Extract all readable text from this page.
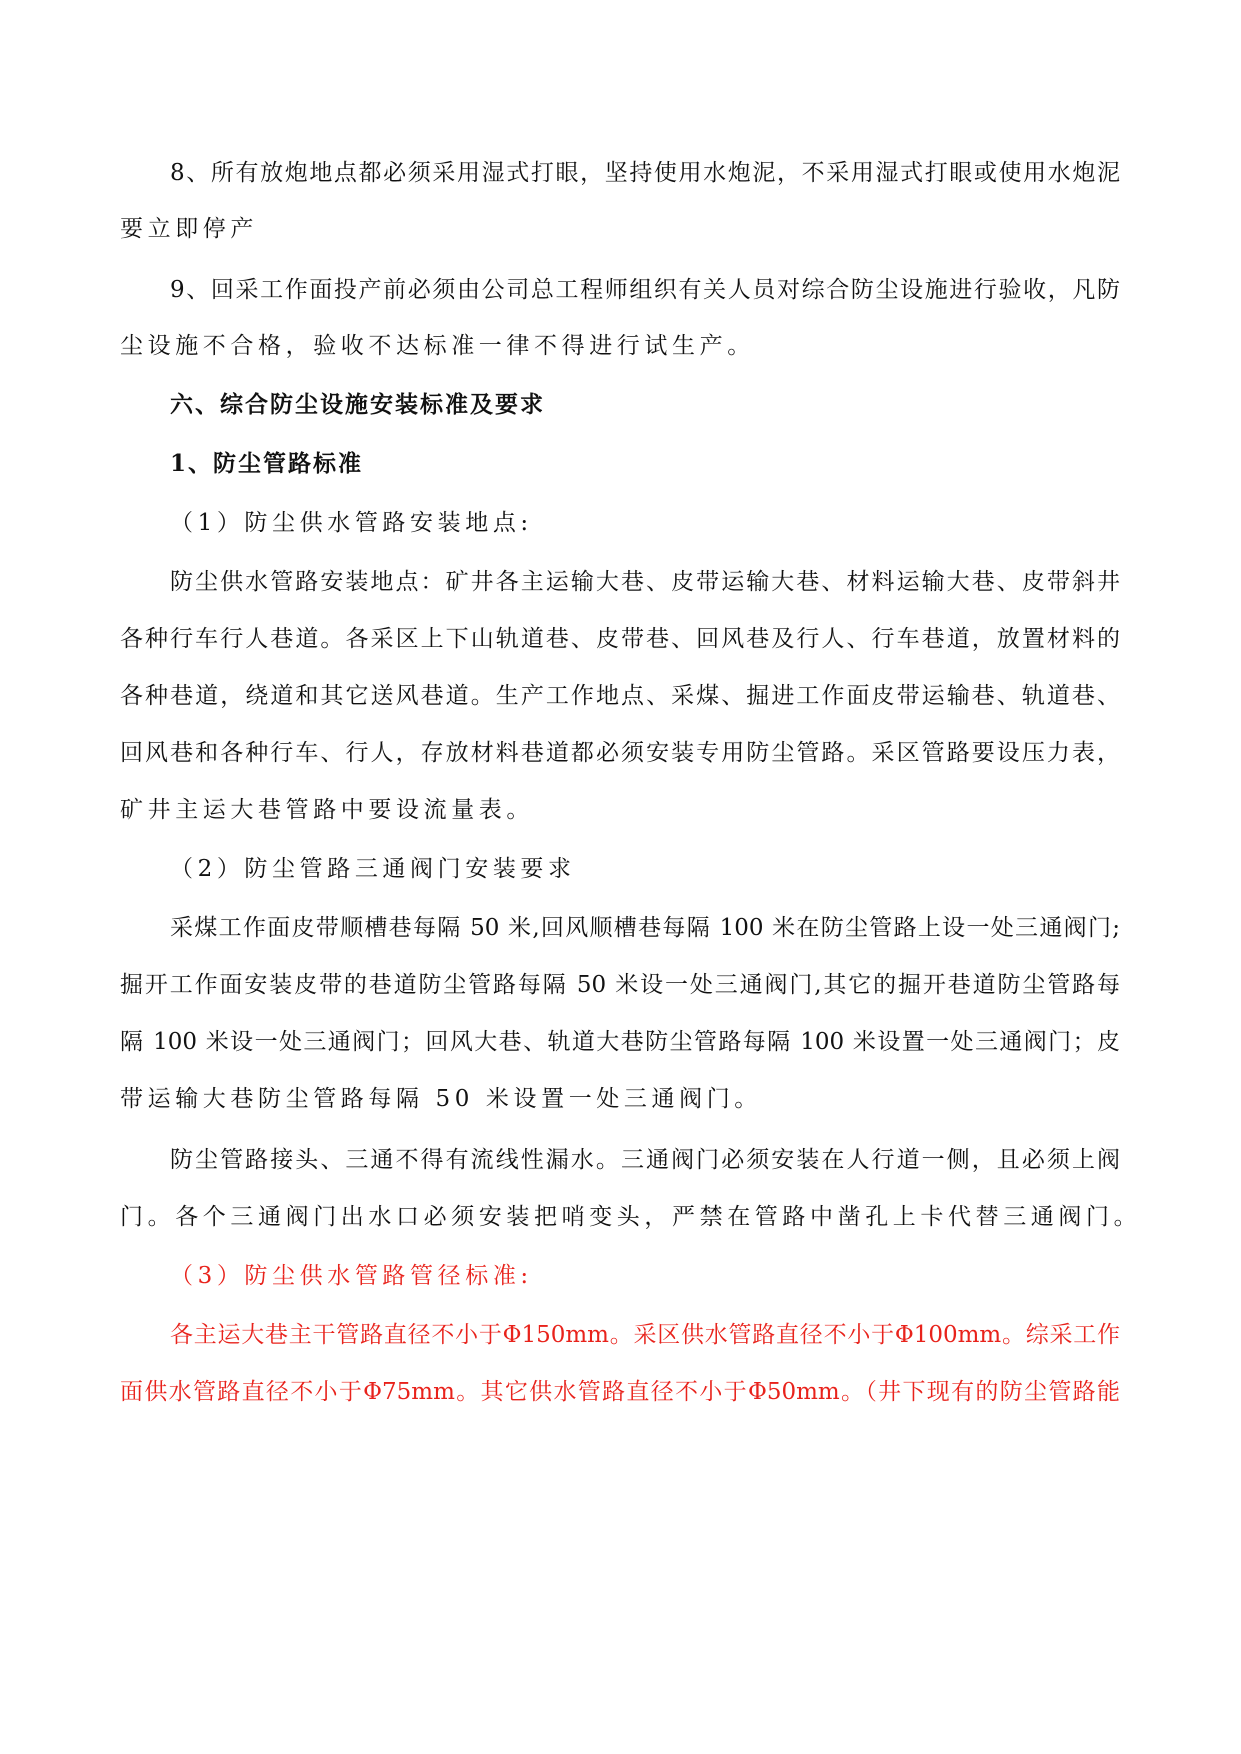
8、所有放炮地点都必须采用湿式打眼，坚持使用水炮泥，不采用湿式打眼或使用水炮泥
要立即停产
9、回采工作面投产前必须由公司总工程师组织有关人员对综合防尘设施进行验收，凡防
尘设施不合格，验收不达标准一律不得进行试生产。
六、综合防尘设施安装标准及要求
1、防尘管路标准
（1）防尘供水管路安装地点:
防尘供水管路安装地点：矿井各主运输大巷、皮带运输大巷、材料运输大巷、皮带斜井
各种行车行人巷道。各采区上下山轨道巷、皮带巷、回风巷及行人、行车巷道，放置材料的
各种巷道，绕道和其它送风巷道。生产工作地点、采煤、掘进工作面皮带运输巷、轨道巷、
回风巷和各种行车、行人，存放材料巷道都必须安装专用防尘管路。采区管路要设压力表，
矿井主运大巷管路中要设流量表。
（2）防尘管路三通阀门安装要求
采煤工作面皮带顺槽巷每隔 50 米,回风顺槽巷每隔 100 米在防尘管路上设一处三通阀门;
掘开工作面安装皮带的巷道防尘管路每隔 50 米设一处三通阀门,其它的掘开巷道防尘管路每
隔 100 米设一处三通阀门；回风大巷、轨道大巷防尘管路每隔 100 米设置一处三通阀门；皮
带运输大巷防尘管路每隔 50 米设置一处三通阀门。
防尘管路接头、三通不得有流线性漏水。三通阀门必须安装在人行道一侧，且必须上阀
门。各个三通阀门出水口必须安装把哨变头，严禁在管路中凿孔上卡代替三通阀门。
（3）防尘供水管路管径标准:
各主运大巷主干管路直径不小于Φ150mm。采区供水管路直径不小于Φ100mm。综采工作
面供水管路直径不小于Φ75mm。其它供水管路直径不小于Φ50mm。（井下现有的防尘管路能
